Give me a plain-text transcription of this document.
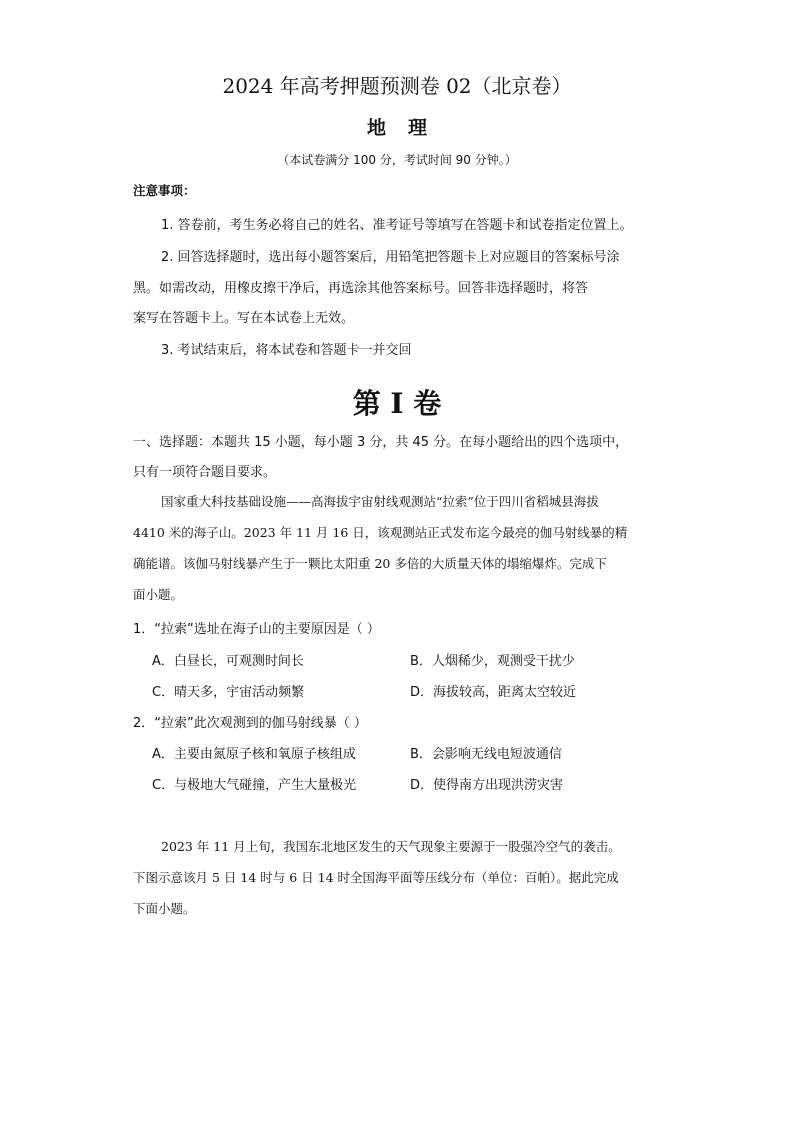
2024 年高考押题预测卷 02（北京卷）
地理
（本试卷满分 100 分，考试时间 90 分钟。）
注意事项：
1. 答卷前，考生务必将自己的姓名、准考证号等填写在答题卡和试卷指定位置上。
2. 回答选择题时，选出每小题答案后，用铅笔把答题卡上对应题目的答案标号涂
黑。如需改动，用橡皮擦干净后，再选涂其他答案标号。回答非选择题时，将答
案写在答题卡上。写在本试卷上无效。
3. 考试结束后，将本试卷和答题卡一并交回
第 I 卷
一、选择题：本题共 15 小题，每小题 3 分，共 45 分。在每小题给出的四个选项中，
只有一项符合题目要求。
国家重大科技基础设施——高海拔宇宙射线观测站“拉索”位于四川省稻城县海拔
4410 米的海子山。2023 年 11 月 16 日，该观测站正式发布迄今最亮的伽马射线暴的精
确能谱。该伽马射线暴产生于一颗比太阳重 20 多倍的大质量天体的塌缩爆炸。完成下
面小题。
1．“拉索”选址在海子山的主要原因是（ ）
A．白昼长，可观测时间长	B．人烟稀少，观测受干扰少
C．晴天多，宇宙活动频繁	D．海拔较高，距离太空较近
2．“拉索”此次观测到的伽马射线暴（ ）
A．主要由氮原子核和氧原子核组成	B．会影响无线电短波通信
C．与极地大气碰撞，产生大量极光	D．使得南方出现洪涝灾害
2023 年 11 月上旬，我国东北地区发生的天气现象主要源于一股强冷空气的袭击。
下图示意该月 5 日 14 时与 6 日 14 时全国海平面等压线分布（单位：百帕）。据此完成
下面小题。
